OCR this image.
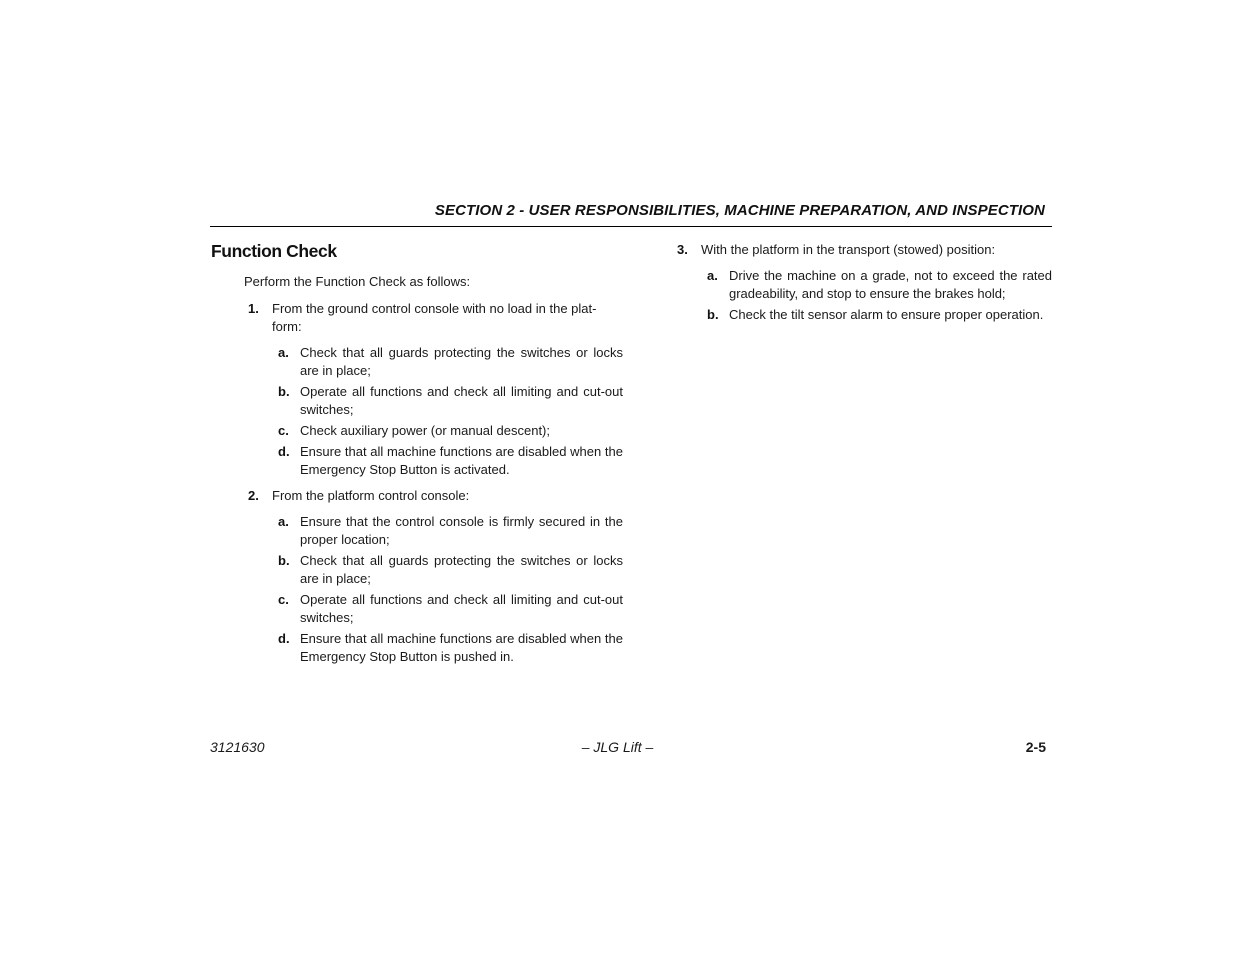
SECTION 2 - USER RESPONSIBILITIES, MACHINE PREPARATION, AND INSPECTION
Function Check
Perform the Function Check as follows:
1. From the ground control console with no load in the plat-
form:
a. Check that all guards protecting the switches or locks are in place;
b. Operate all functions and check all limiting and cut-out switches;
c. Check auxiliary power (or manual descent);
d. Ensure that all machine functions are disabled when the Emergency Stop Button is activated.
2. From the platform control console:
a. Ensure that the control console is firmly secured in the proper location;
b. Check that all guards protecting the switches or locks are in place;
c. Operate all functions and check all limiting and cut-out switches;
d. Ensure that all machine functions are disabled when the Emergency Stop Button is pushed in.
3. With the platform in the transport (stowed) position:
a. Drive the machine on a grade, not to exceed the rated gradeability, and stop to ensure the brakes hold;
b. Check the tilt sensor alarm to ensure proper operation.
3121630	– JLG Lift –	2-5
